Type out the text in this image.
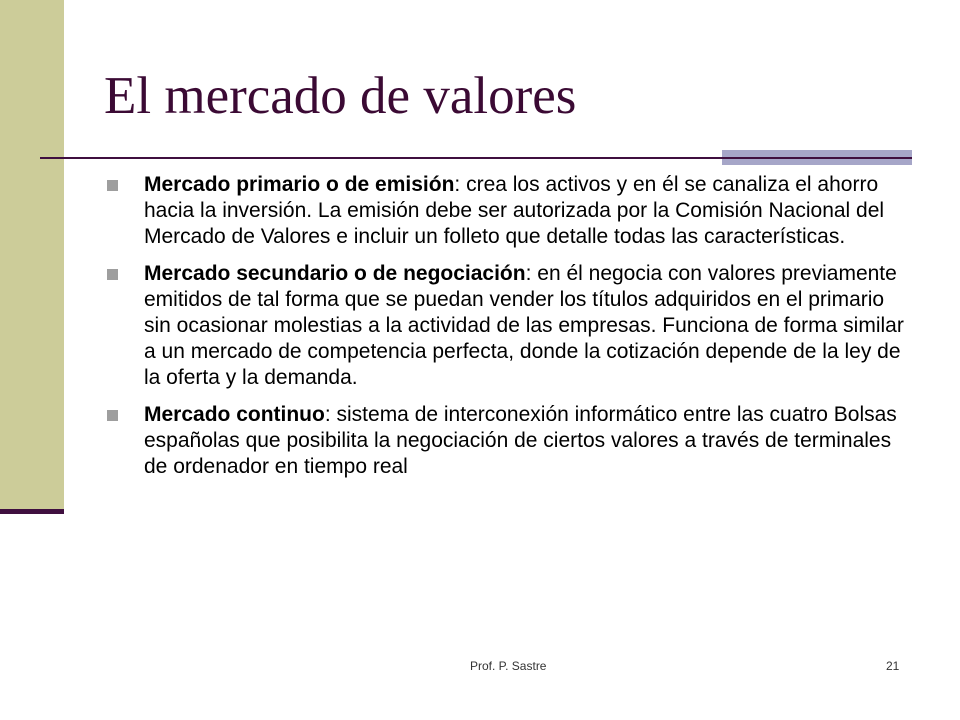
El mercado de valores
Mercado primario o de emisión: crea los activos y en él se canaliza el ahorro hacia la inversión. La emisión debe ser autorizada por la Comisión Nacional del Mercado de Valores e incluir un folleto que detalle todas las características.
Mercado secundario o de negociación: en él negocia con valores previamente emitidos de tal forma que se puedan vender los títulos adquiridos en el primario sin ocasionar molestias a la actividad de las empresas. Funciona de forma similar a un mercado de competencia perfecta, donde la cotización depende de la ley de la oferta y la demanda.
Mercado continuo: sistema de interconexión informático entre las cuatro Bolsas españolas que posibilita la negociación de ciertos valores a través de terminales de ordenador en tiempo real
Prof. P. Sastre	21
